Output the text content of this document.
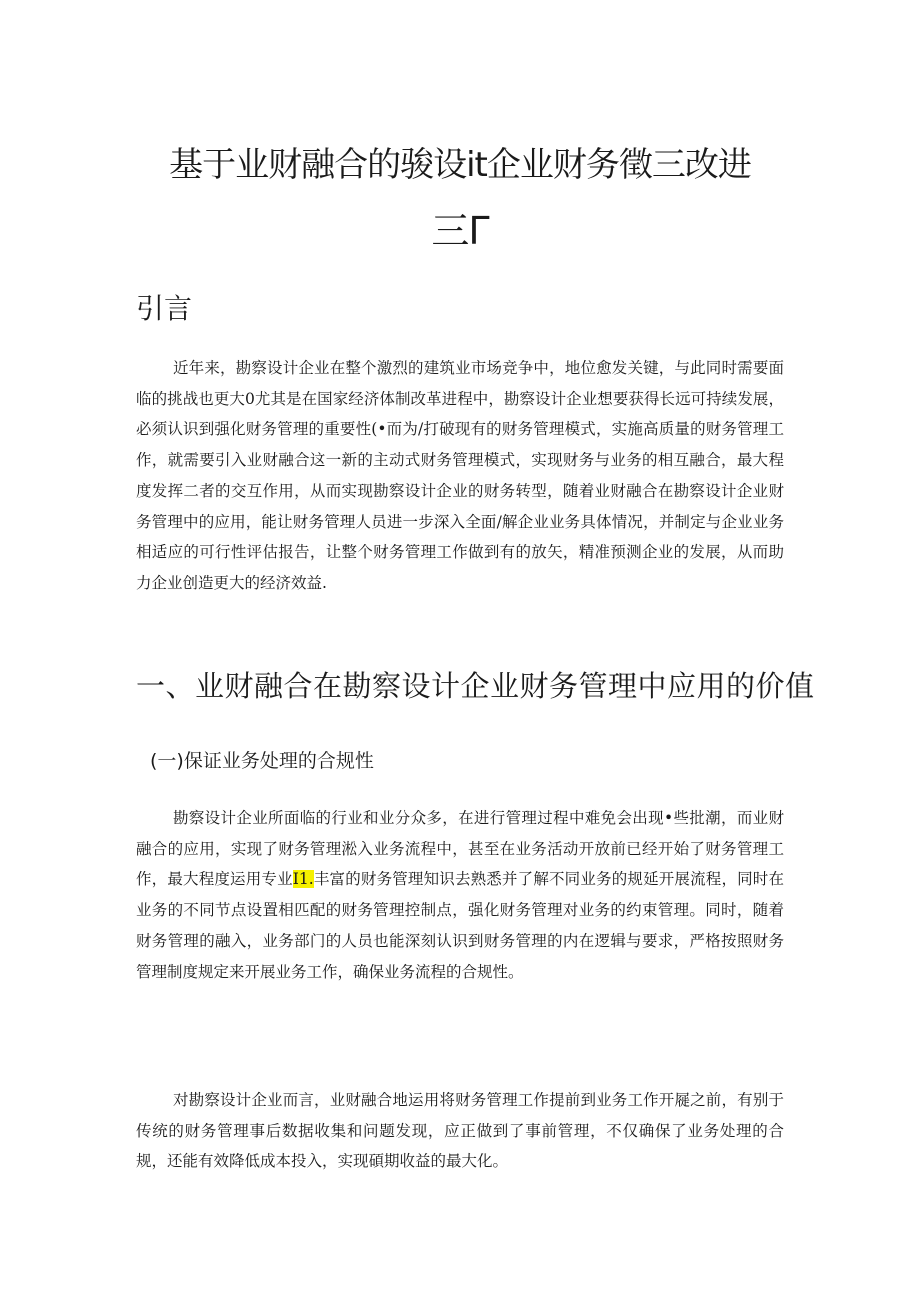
基于业财融合的骏设it企业财务徵三改进
三Γ
引言

近年来，勘察设计企业在整个激烈的建筑业市场竞争中，地位愈发关键，与此同时需要面临的挑战也更大0尤其是在国家经济体制改革进程中，勘察设计企业想要获得长远可持续发展，必须认识到强化财务管理的重要性(•而为/打破现有的财务管理模式，实施高质量的财务管理工作，就需要引入业财融合这一新的主动式财务管理模式，实现财务与业务的相互融合，最大程度发挥二者的交互作用，从而实现勘察设计企业的财务转型，随着业财融合在勘察设计企业财务管理中的应用，能让财务管理人员进一步深入全面/解企业业务具体情况，并制定与企业业务相适应的可行性评估报告，让整个财务管理工作做到有的放矢，精准预测企业的发展，从而助力企业创造更大的经济效益.

一、业财融合在勘察设计企业财务管理中应用的价值
(一)保证业务处理的合规性

勘察设计企业所面临的行业和业分众多，在进行管理过程中难免会出现•些批潮，而业财融合的应用，实现了财务管理淞入业务流程中，甚至在业务活动开放前已经开始了财务管理工作，最大程度运用专业I1.丰富的财务管理知识去熟悉并了解不同业务的规延开展流程，同时在业务的不同节点设置相匹配的财务管理控制点，强化财务管理对业务的约束管理。同时，随着财务管理的融入，业务部门的人员也能深刻认识到财务管理的内在逻辑与要求，严格按照财务管理制度规定来开展业务工作，确保业务流程的合规性。

对勘察设计企业而言，业财融合地运用将财务管理工作提前到业务工作开屣之前，有别于传统的财务管理事后数据收集和问题发现，应正做到了事前管理，不仅确保了业务处理的合规，还能有效降低成本投入，实现碩期收益的最大化。
